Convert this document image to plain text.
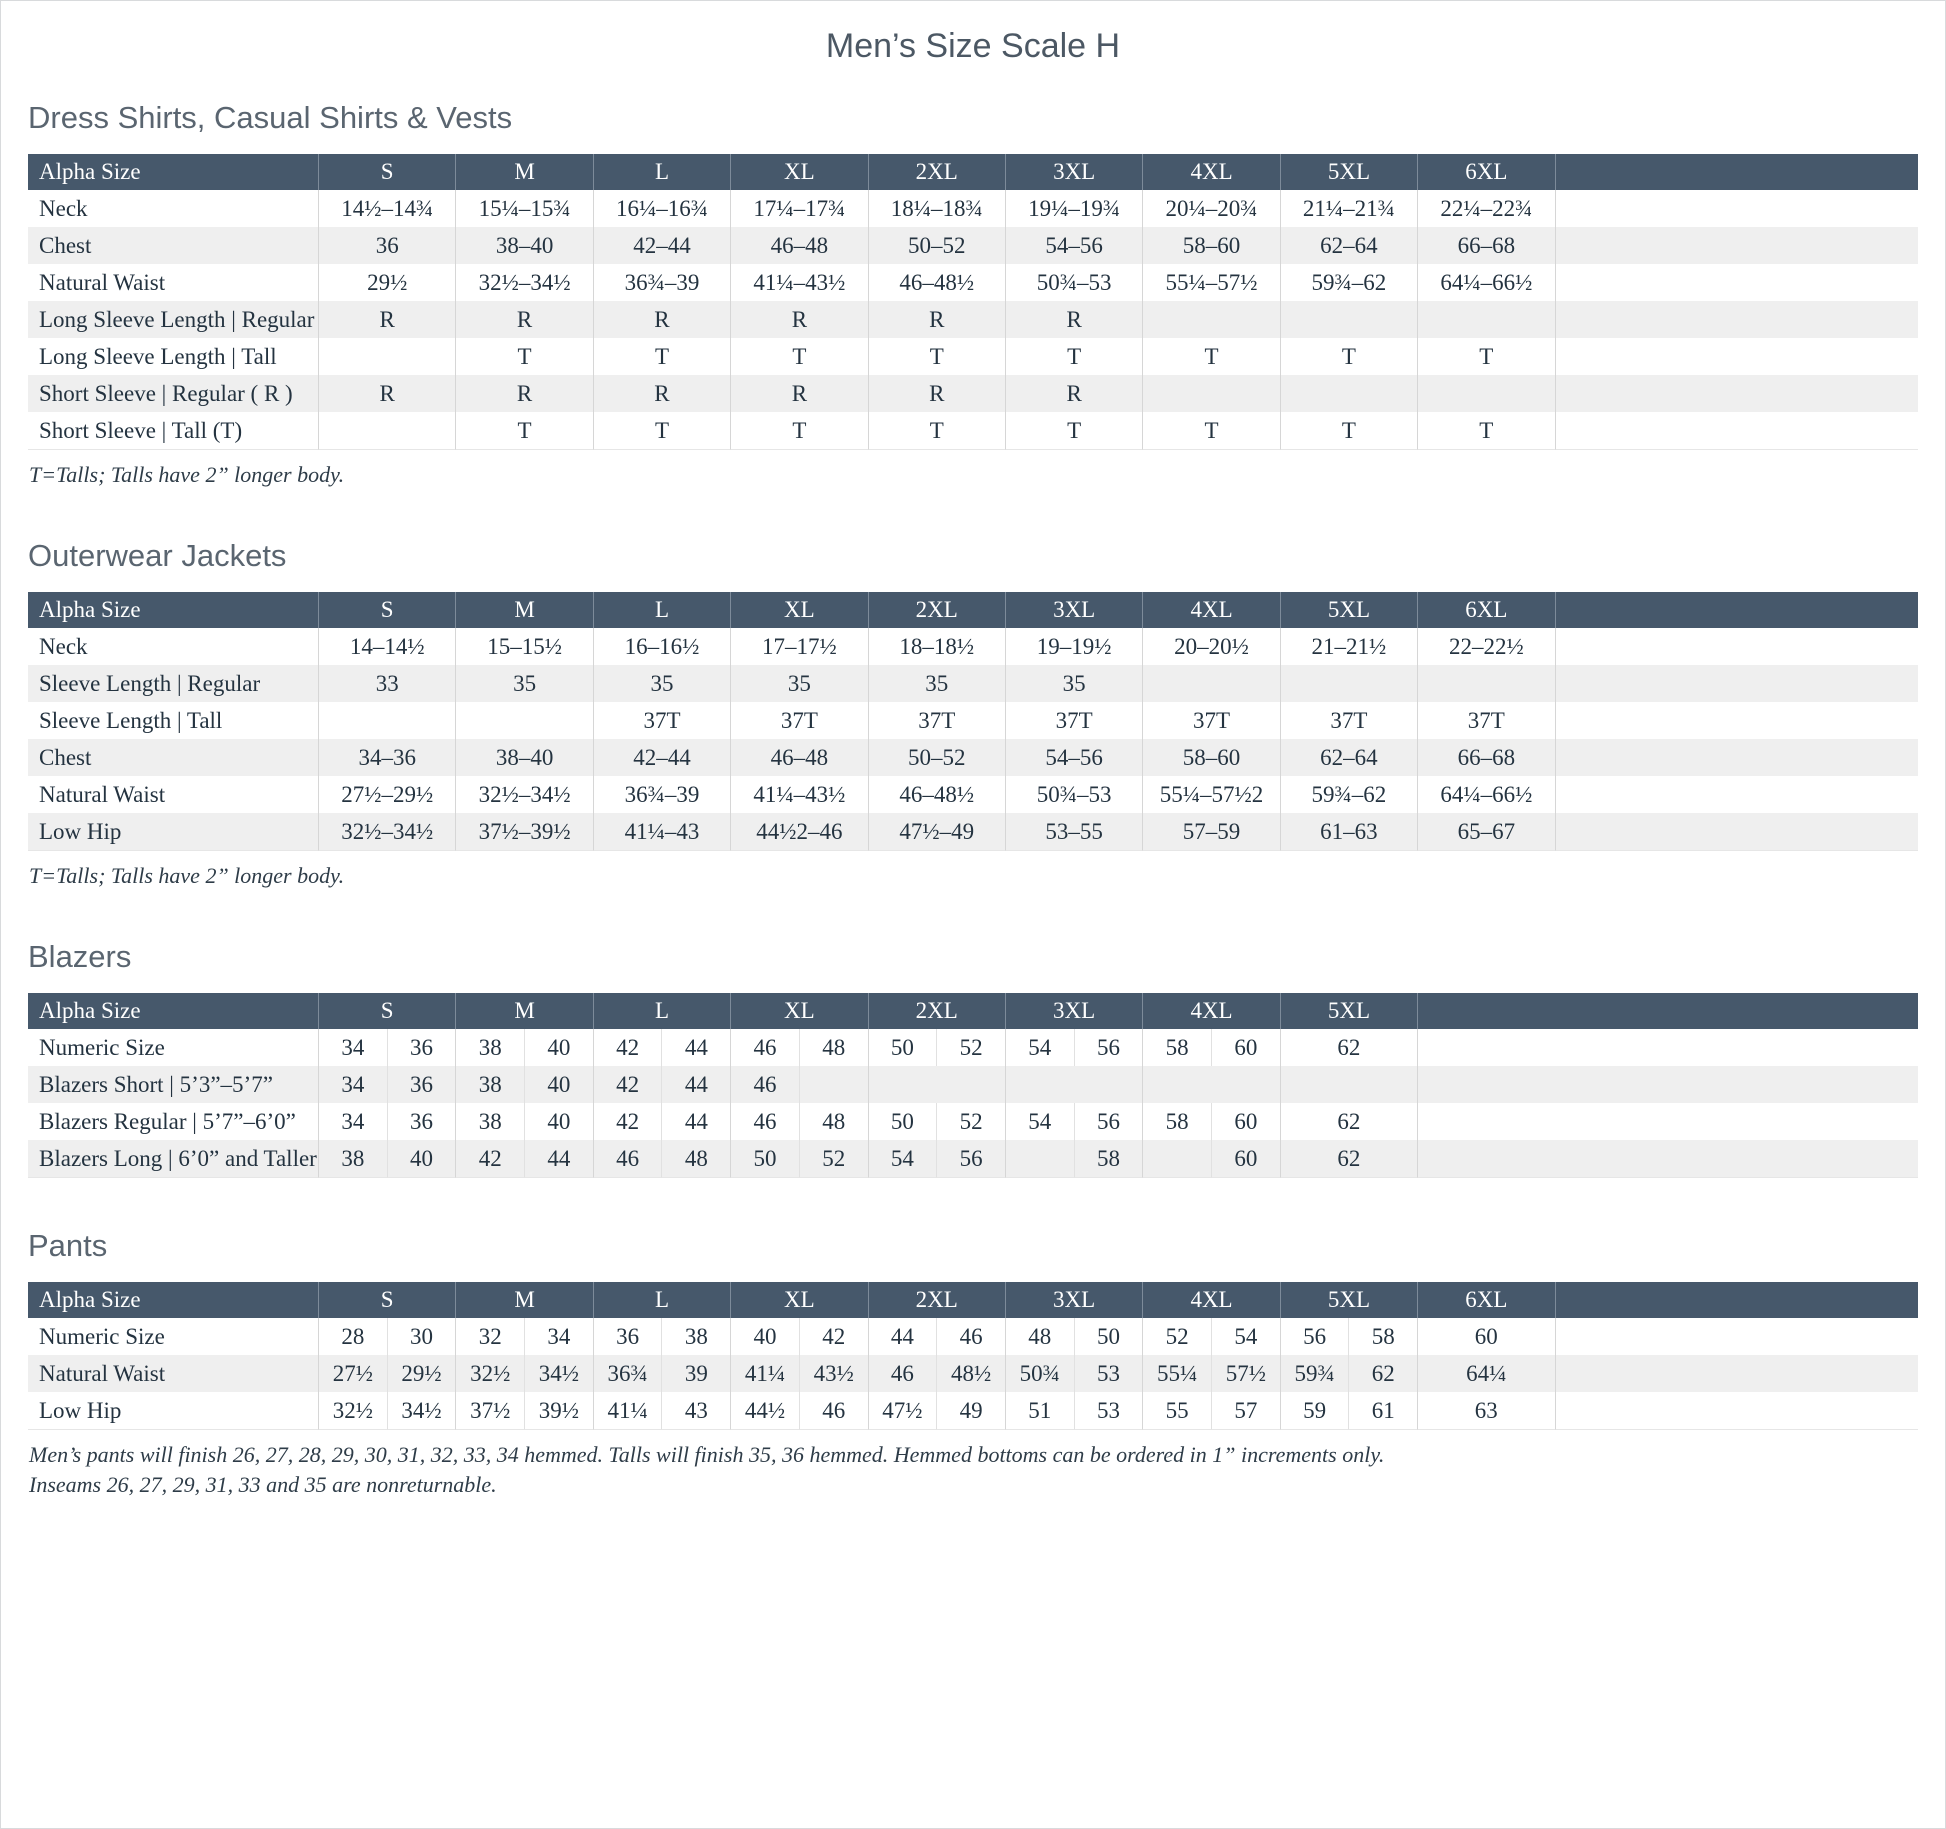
Men’s Size Scale H
Dress Shirts, Casual Shirts & Vests
Alpha Size	S	M	L	XL	2XL	3XL	4XL	5XL	6XL	
Neck	14½–14¾	15¼–15¾	16¼–16¾	17¼–17¾	18¼–18¾	19¼–19¾	20¼–20¾	21¼–21¾	22¼–22¾	
Chest	36	38–40	42–44	46–48	50–52	54–56	58–60	62–64	66–68	
Natural Waist	29½	32½–34½	36¾–39	41¼–43½	46–48½	50¾–53	55¼–57½	59¾–62	64¼–66½	
Long Sleeve Length | Regular	R	R	R	R	R	R				
Long Sleeve Length | Tall		T	T	T	T	T	T	T	T	
Short Sleeve | Regular ( R )	R	R	R	R	R	R				
Short Sleeve | Tall (T)		T	T	T	T	T	T	T	T	

T=Talls; Talls have 2” longer body.

Outerwear Jackets
Alpha Size	S	M	L	XL	2XL	3XL	4XL	5XL	6XL	
Neck	14–14½	15–15½	16–16½	17–17½	18–18½	19–19½	20–20½	21–21½	22–22½	
Sleeve Length | Regular	33	35	35	35	35	35				
Sleeve Length | Tall			37T	37T	37T	37T	37T	37T	37T	
Chest	34–36	38–40	42–44	46–48	50–52	54–56	58–60	62–64	66–68	
Natural Waist	27½–29½	32½–34½	36¾–39	41¼–43½	46–48½	50¾–53	55¼–57½2	59¾–62	64¼–66½	
Low Hip	32½–34½	37½–39½	41¼–43	44½2–46	47½–49	53–55	57–59	61–63	65–67	

T=Talls; Talls have 2” longer body.

Blazers
Alpha Size	S		M		L		XL		2XL		3XL		4XL		5XL	
Numeric Size	34	36	38	40	42	44	46	48	50	52	54	56	58	60	62	
Blazers Short | 5’3”–5’7”	34	36	38	40	42	44	46									
Blazers Regular | 5’7”–6’0”	34	36	38	40	42	44	46	48	50	52	54	56	58	60	62	
Blazers Long | 6’0” and Taller	38	40	42	44	46	48	50	52	54	56		58		60	62	
Pants
Alpha Size	S		M		L		XL		2XL		3XL		4XL		5XL		6XL	
Numeric Size	28	30	32	34	36	38	40	42	44	46	48	50	52	54	56	58	60	
Natural Waist	27½	29½	32½	34½	36¾	39	41¼	43½	46	48½	50¾	53	55¼	57½	59¾	62	64¼	
Low Hip	32½	34½	37½	39½	41¼	43	44½	46	47½	49	51	53	55	57	59	61	63	

Men’s pants will finish 26, 27, 28, 29, 30, 31, 32, 33, 34 hemmed. Talls will finish 35, 36 hemmed. Hemmed bottoms can be ordered in 1” increments only.

Inseams 26, 27, 29, 31, 33 and 35 are nonreturnable.
